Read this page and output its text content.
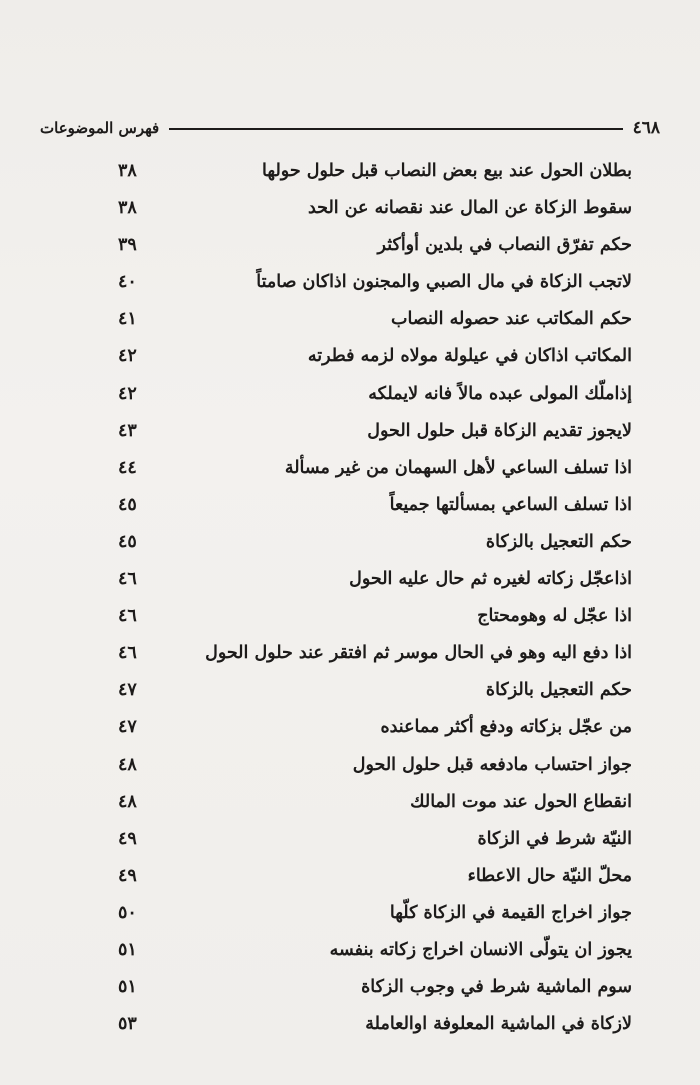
٤٦٨
فهرس الموضوعات
بطلان الحول عند بيع بعض النصاب قبل حلول حولها
٣٨
سقوط الزكاة عن المال عند نقصانه عن الحد
٣٨
حكم تفرّق النصاب في بلدين أوأكثر
٣٩
لاتجب الزكاة في مال الصبي والمجنون اذاكان صامتاً
٤٠
حكم المكاتب عند حصوله النصاب
٤١
المكاتب اذاكان في عيلولة مولاه لزمه فطرته
٤٢
إذاملّك المولى عبده مالاً فانه لايملكه
٤٢
لايجوز تقديم الزكاة قبل حلول الحول
٤٣
اذا تسلف الساعي لأهل السهمان من غير مسألة
٤٤
اذا تسلف الساعي بمسألتها جميعاً
٤٥
حكم التعجيل بالزكاة
٤٥
اذاعجّل زكاته لغيره ثم حال عليه الحول
٤٦
اذا عجّل له وهومحتاج
٤٦
اذا دفع اليه وهو في الحال موسر ثم افتقر عند حلول الحول
٤٦
حكم التعجيل بالزكاة
٤٧
من عجّل بزكاته ودفع أكثر مماعنده
٤٧
جواز احتساب مادفعه قبل حلول الحول
٤٨
انقطاع الحول عند موت المالك
٤٨
النيّة شرط في الزكاة
٤٩
محلّ النيّة حال الاعطاء
٤٩
جواز اخراج القيمة في الزكاة كلّها
٥٠
يجوز ان يتولّى الانسان اخراج زكاته بنفسه
٥١
سوم الماشية شرط في وجوب الزكاة
٥١
لازكاة في الماشية المعلوفة اوالعاملة
٥٣
